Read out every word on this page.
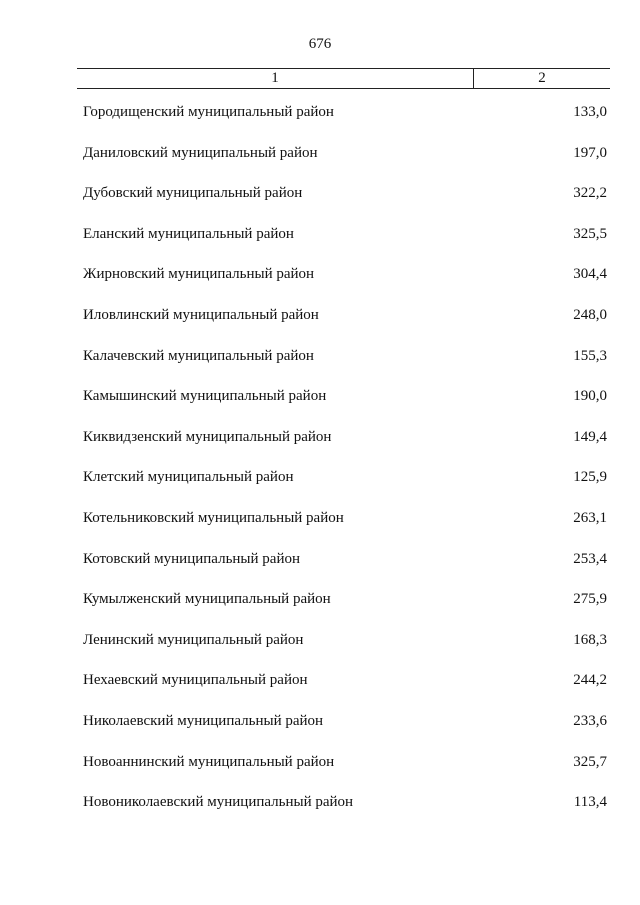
676
1	2
Городищенский муниципальный район	133,0
Даниловский муниципальный район	197,0
Дубовский муниципальный район	322,2
Еланский муниципальный район	325,5
Жирновский муниципальный район	304,4
Иловлинский муниципальный район	248,0
Калачевский муниципальный район	155,3
Камышинский муниципальный район	190,0
Киквидзенский муниципальный район	149,4
Клетский муниципальный район	125,9
Котельниковский муниципальный район	263,1
Котовский муниципальный район	253,4
Кумылженский муниципальный район	275,9
Ленинский муниципальный район	168,3
Нехаевский муниципальный район	244,2
Николаевский муниципальный район	233,6
Новоаннинский муниципальный район	325,7
Новониколаевский муниципальный район	113,4
